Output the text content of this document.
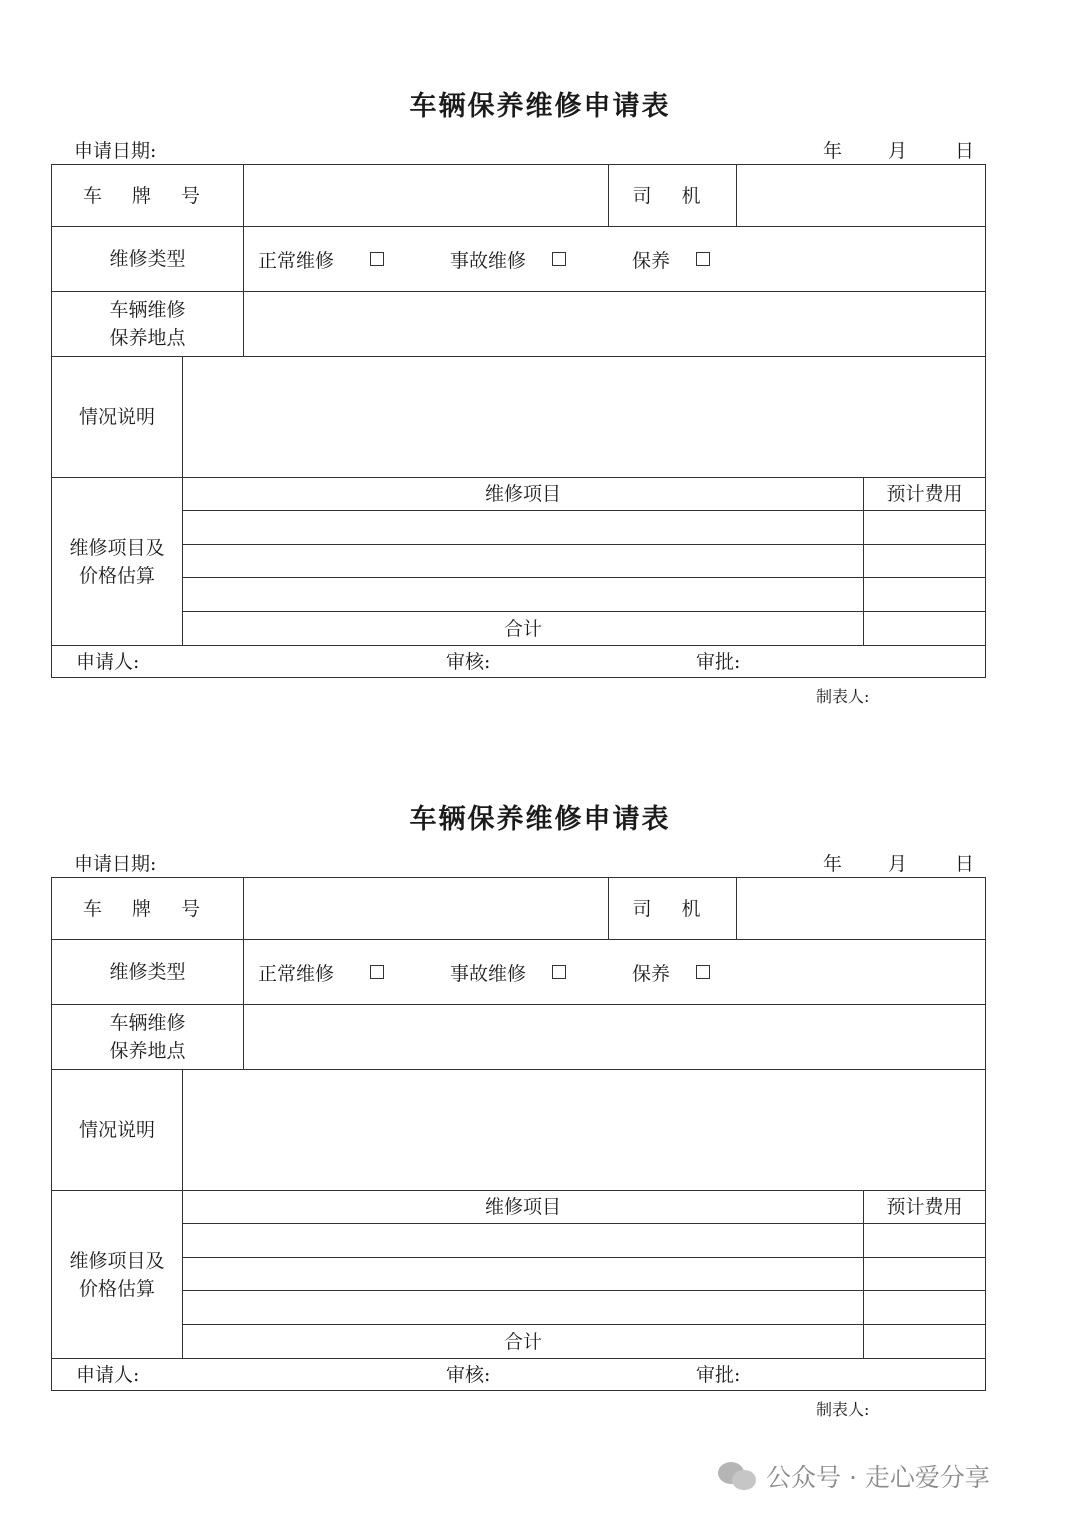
车辆保养维修申请表
申请日期:	年 月	日
车 牌 号	司 机
维修类型	正常维修	事故维修	保养
车辆维修
保养地点
情况说明
维修项目及
价格估算
维修项目	预计费用
合计
申请人:	审核:	审批:
制表人:
车辆保养维修申请表
申请日期:	年 月	日
车 牌 号	司 机
维修类型	正常维修	事故维修	保养
车辆维修
保养地点
情况说明
维修项目及
价格估算
维修项目	预计费用
合计
申请人:	审核:	审批:
制表人:
公众号 · 走心爱分享
